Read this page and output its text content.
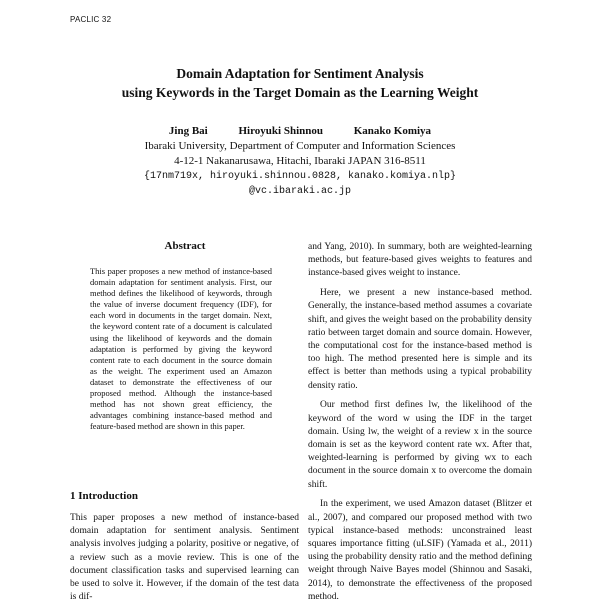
PACLIC 32
Domain Adaptation for Sentiment Analysis
using Keywords in the Target Domain as the Learning Weight
Jing Bai	Hiroyuki Shinnou	Kanako Komiya
Ibaraki University, Department of Computer and Information Sciences
4-12-1 Nakanarusawa, Hitachi, Ibaraki JAPAN 316-8511
{17nm719x, hiroyuki.shinnou.0828, kanako.komiya.nlp}
@vc.ibaraki.ac.jp
Abstract
This paper proposes a new method of instance-based domain adaptation for sentiment analysis. First, our method defines the likelihood of keywords, through the value of inverse document frequency (IDF), for each word in documents in the target domain. Next, the keyword content rate of a document is calculated using the likelihood of keywords and the domain adaptation is performed by giving the keyword content rate to each document in the source domain as the weight. The experiment used an Amazon dataset to demonstrate the effectiveness of our proposed method. Although the instance-based method has not shown great efficiency, the advantages combining instance-based method and feature-based method are shown in this paper.
1 Introduction

This paper proposes a new method of instance-based domain adaptation for sentiment analysis. Sentiment analysis involves judging a polarity, positive or negative, of a review such as a movie review. This is one of the document classification tasks and supervised learning can be used to solve it. However, if the domain of the test data is dif-

and Yang, 2010). In summary, both are weighted-learning methods, but feature-based gives weights to features and instance-based gives weight to instance.

Here, we present a new instance-based method. Generally, the instance-based method assumes a covariate shift, and gives the weight based on the probability density ratio between target domain and source domain. However, the computational cost for the instance-based method is too high. The method presented here is simple and its effect is better than methods using a typical probability density ratio.

Our method first defines lw, the likelihood of the keyword of the word w using the IDF in the target domain. Using lw, the weight of a review x in the source domain is set as the keyword content rate wx. After that, weighted-learning is performed by giving wx to each document in the source domain x to overcome the domain shift.

In the experiment, we used Amazon dataset (Blitzer et al., 2007), and compared our proposed method with two typical instance-based methods: unconstrained least squares importance fitting (uLSIF) (Yamada et al., 2011) using the probability density ratio and the method defining weight through Naive Bayes model (Shinnou and Sasaki, 2014), to demonstrate the effectiveness of the proposed method.
